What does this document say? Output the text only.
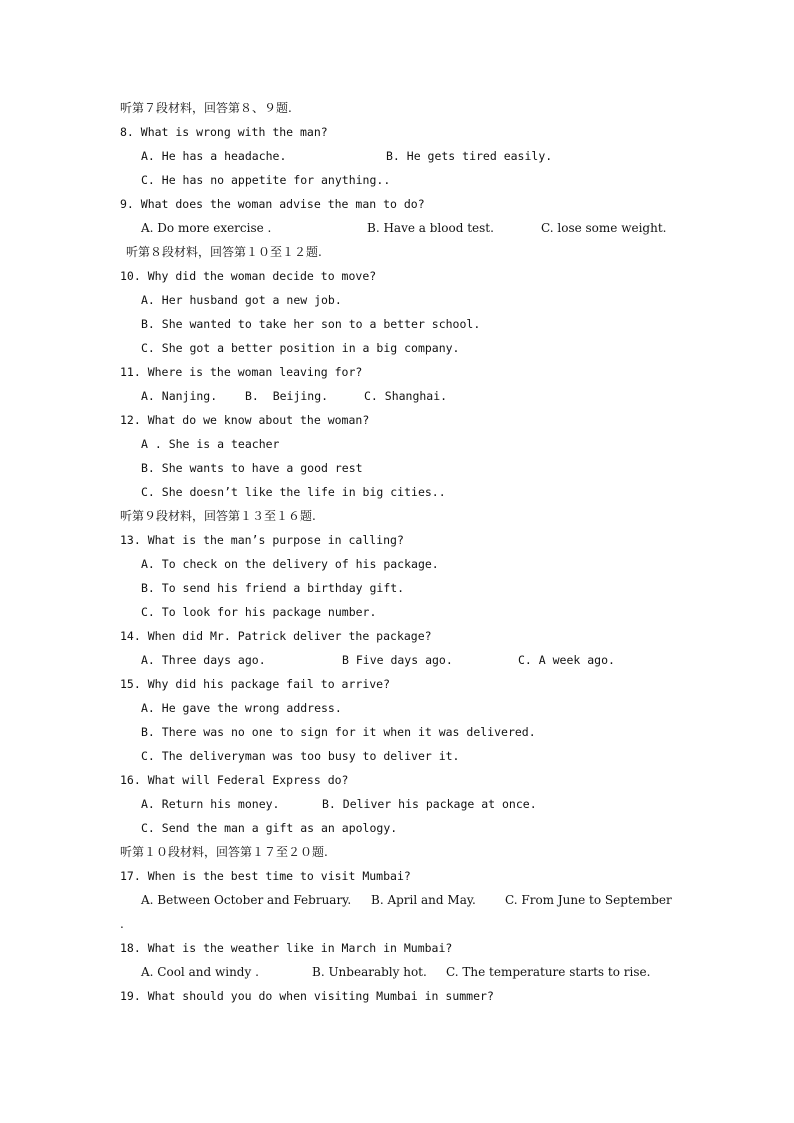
听第７段材料，回答第８、９题.
8. What is wrong with the man?
A. He has a headache.	B. He gets tired easily.
C. He has no appetite for anything..
9. What does the woman advise the man to do?
A. Do more exercise .	B. Have a blood test.	C. lose some weight.
听第８段材料，回答第１０至１２题.
10. Why did the woman decide to move?
A. Her husband got a new job.
B. She wanted to take her son to a better school.
C. She got a better position in a big company.
11. Where is the woman leaving for?
A. Nanjing. B.  Beijing.	C. Shanghai.
12. What do we know about the woman?
A . She is a teacher
B. She wants to have a good rest
C. She doesn’t like the life in big cities..
听第９段材料，回答第１３至１６题.
13. What is the man’s purpose in calling?
A. To check on the delivery of his package.
B. To send his friend a birthday gift.
C. To look for his package number.
14. When did Mr. Patrick deliver the package?
A. Three days ago.	B Five days ago.	C. A week ago.
15. Why did his package fail to arrive?
A. He gave the wrong address.
B. There was no one to sign for it when it was delivered.
C. The deliveryman was too busy to deliver it.
16. What will Federal Express do?
A. Return his money.	B. Deliver his package at once.
C. Send the man a gift as an apology.
听第１０段材料，回答第１７至２０题.
17. When is the best time to visit Mumbai?
A. Between October and February. B. April and May. C. From June to September
.
18. What is the weather like in March in Mumbai?
A. Cool and windy .	B. Unbearably hot. C. The temperature starts to rise.
19. What should you do when visiting Mumbai in summer?
